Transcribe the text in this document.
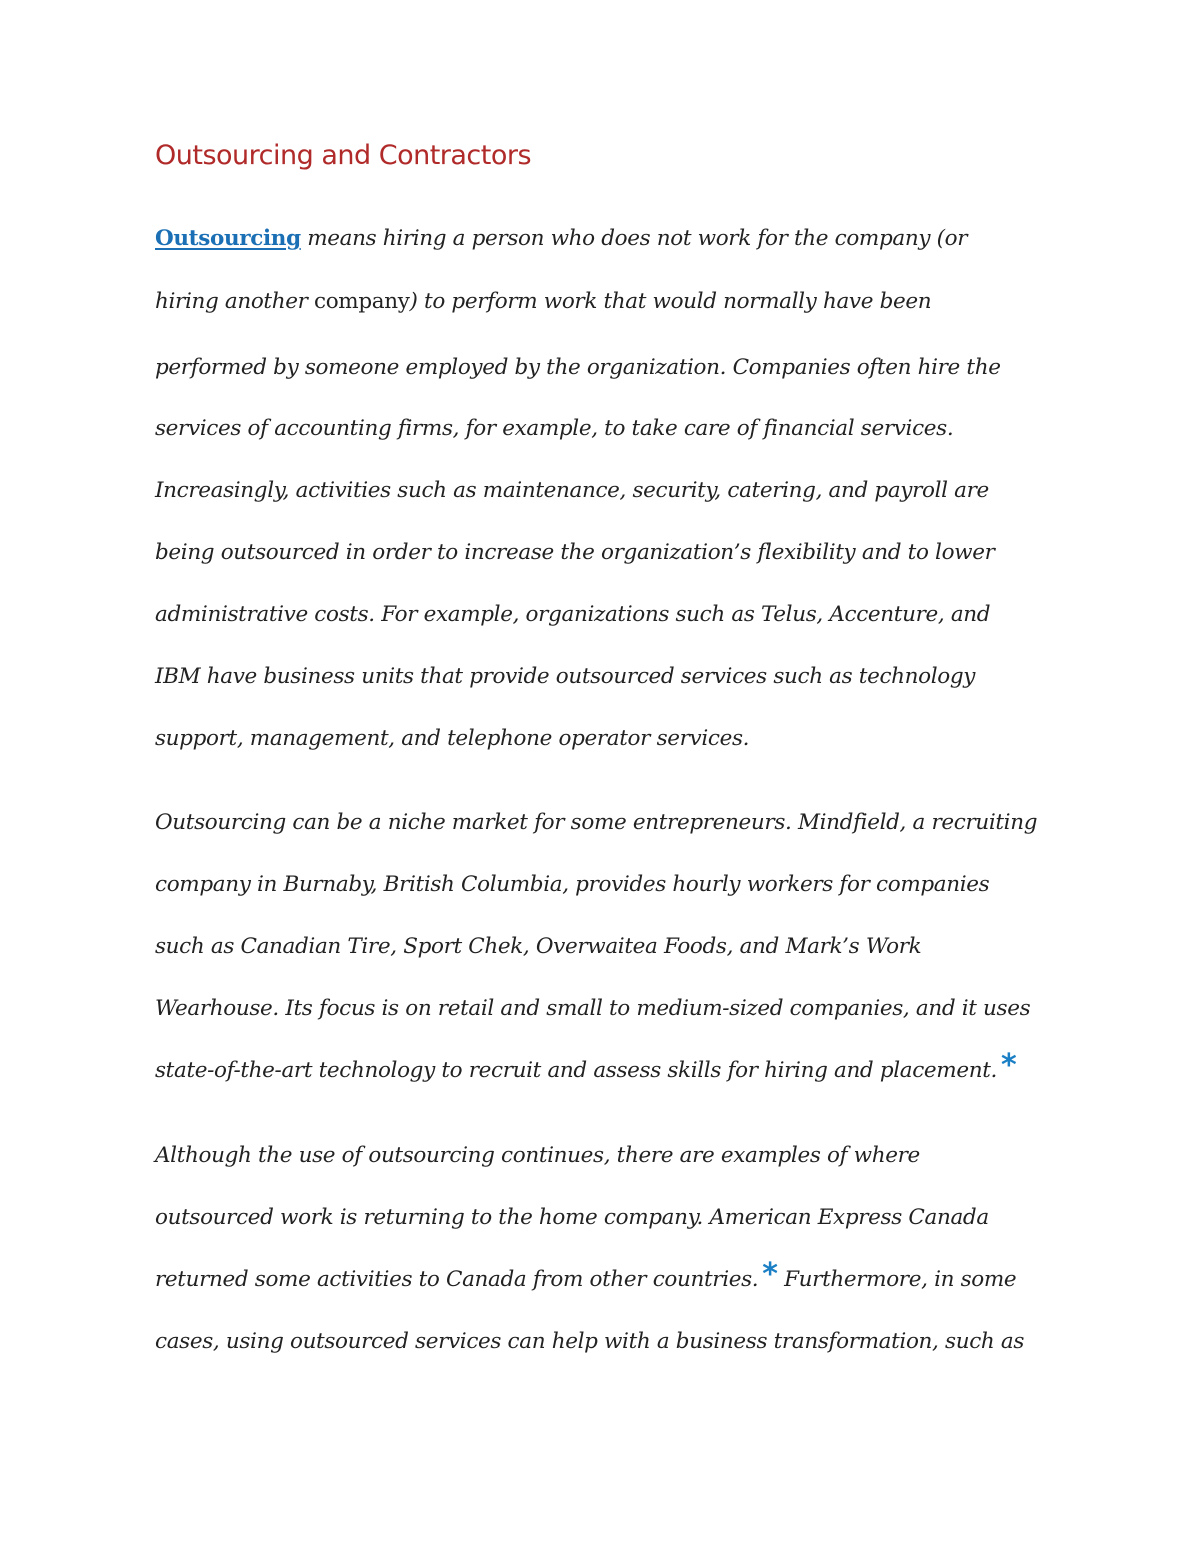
Outsourcing and Contractors

Outsourcing means hiring a person who does not work for the company (or

hiring another company) to perform work that would normally have been

performed by someone employed by the organization. Companies often hire the

services of accounting firms, for example, to take care of financial services.

Increasingly, activities such as maintenance, security, catering, and payroll are

being outsourced in order to increase the organization’s flexibility and to lower

administrative costs. For example, organizations such as Telus, Accenture, and

IBM have business units that provide outsourced services such as technology

support, management, and telephone operator services.

Outsourcing can be a niche market for some entrepreneurs. Mindfield, a recruiting

company in Burnaby, British Columbia, provides hourly workers for companies

such as Canadian Tire, Sport Chek, Overwaitea Foods, and Mark’s Work

Wearhouse. Its focus is on retail and small to medium-sized companies, and it uses

state-of-the-art technology to recruit and assess skills for hiring and placement. *

Although the use of outsourcing continues, there are examples of where

outsourced work is returning to the home company. American Express Canada

returned some activities to Canada from other countries. * Furthermore, in some

cases, using outsourced services can help with a business transformation, such as
